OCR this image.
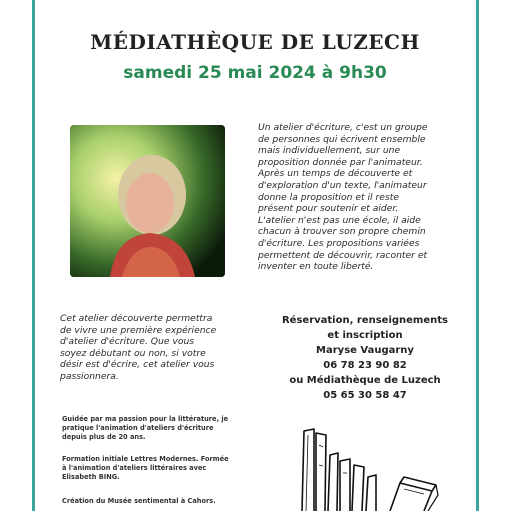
MÉDIATHÈQUE DE LUZECH
samedi 25 mai 2024 à 9h30
Un atelier d'écriture, c'est un groupe
de personnes qui écrivent ensemble
mais individuellement, sur une
proposition donnée par l'animateur.
Après un temps de découverte et
d'exploration d'un texte, l'animateur
donne la proposition et il reste
présent pour soutenir et aider.
L'atelier n'est pas une école, il aide
chacun à trouver son propre chemin
d'écriture. Les propositions variées
permettent de découvrir, raconter et
inventer en toute liberté.
Cet atelier découverte permettra
de vivre une première expérience
d'atelier d'écriture. Que vous
soyez débutant ou non, si votre
désir est d'écrire, cet atelier vous
passionnera.
Réservation, renseignements
et inscription
Maryse Vaugarny
06 78 23 90 82
ou Médiathèque de Luzech
05 65 30 58 47
Guidée par ma passion pour la littérature, je
pratique l'animation d'ateliers d'écriture
depuis plus de 20 ans.
Formation initiale Lettres Modernes. Formée
à l'animation d'ateliers littéraires avec
Elisabeth BING.
Création du Musée sentimental à Cahors.
